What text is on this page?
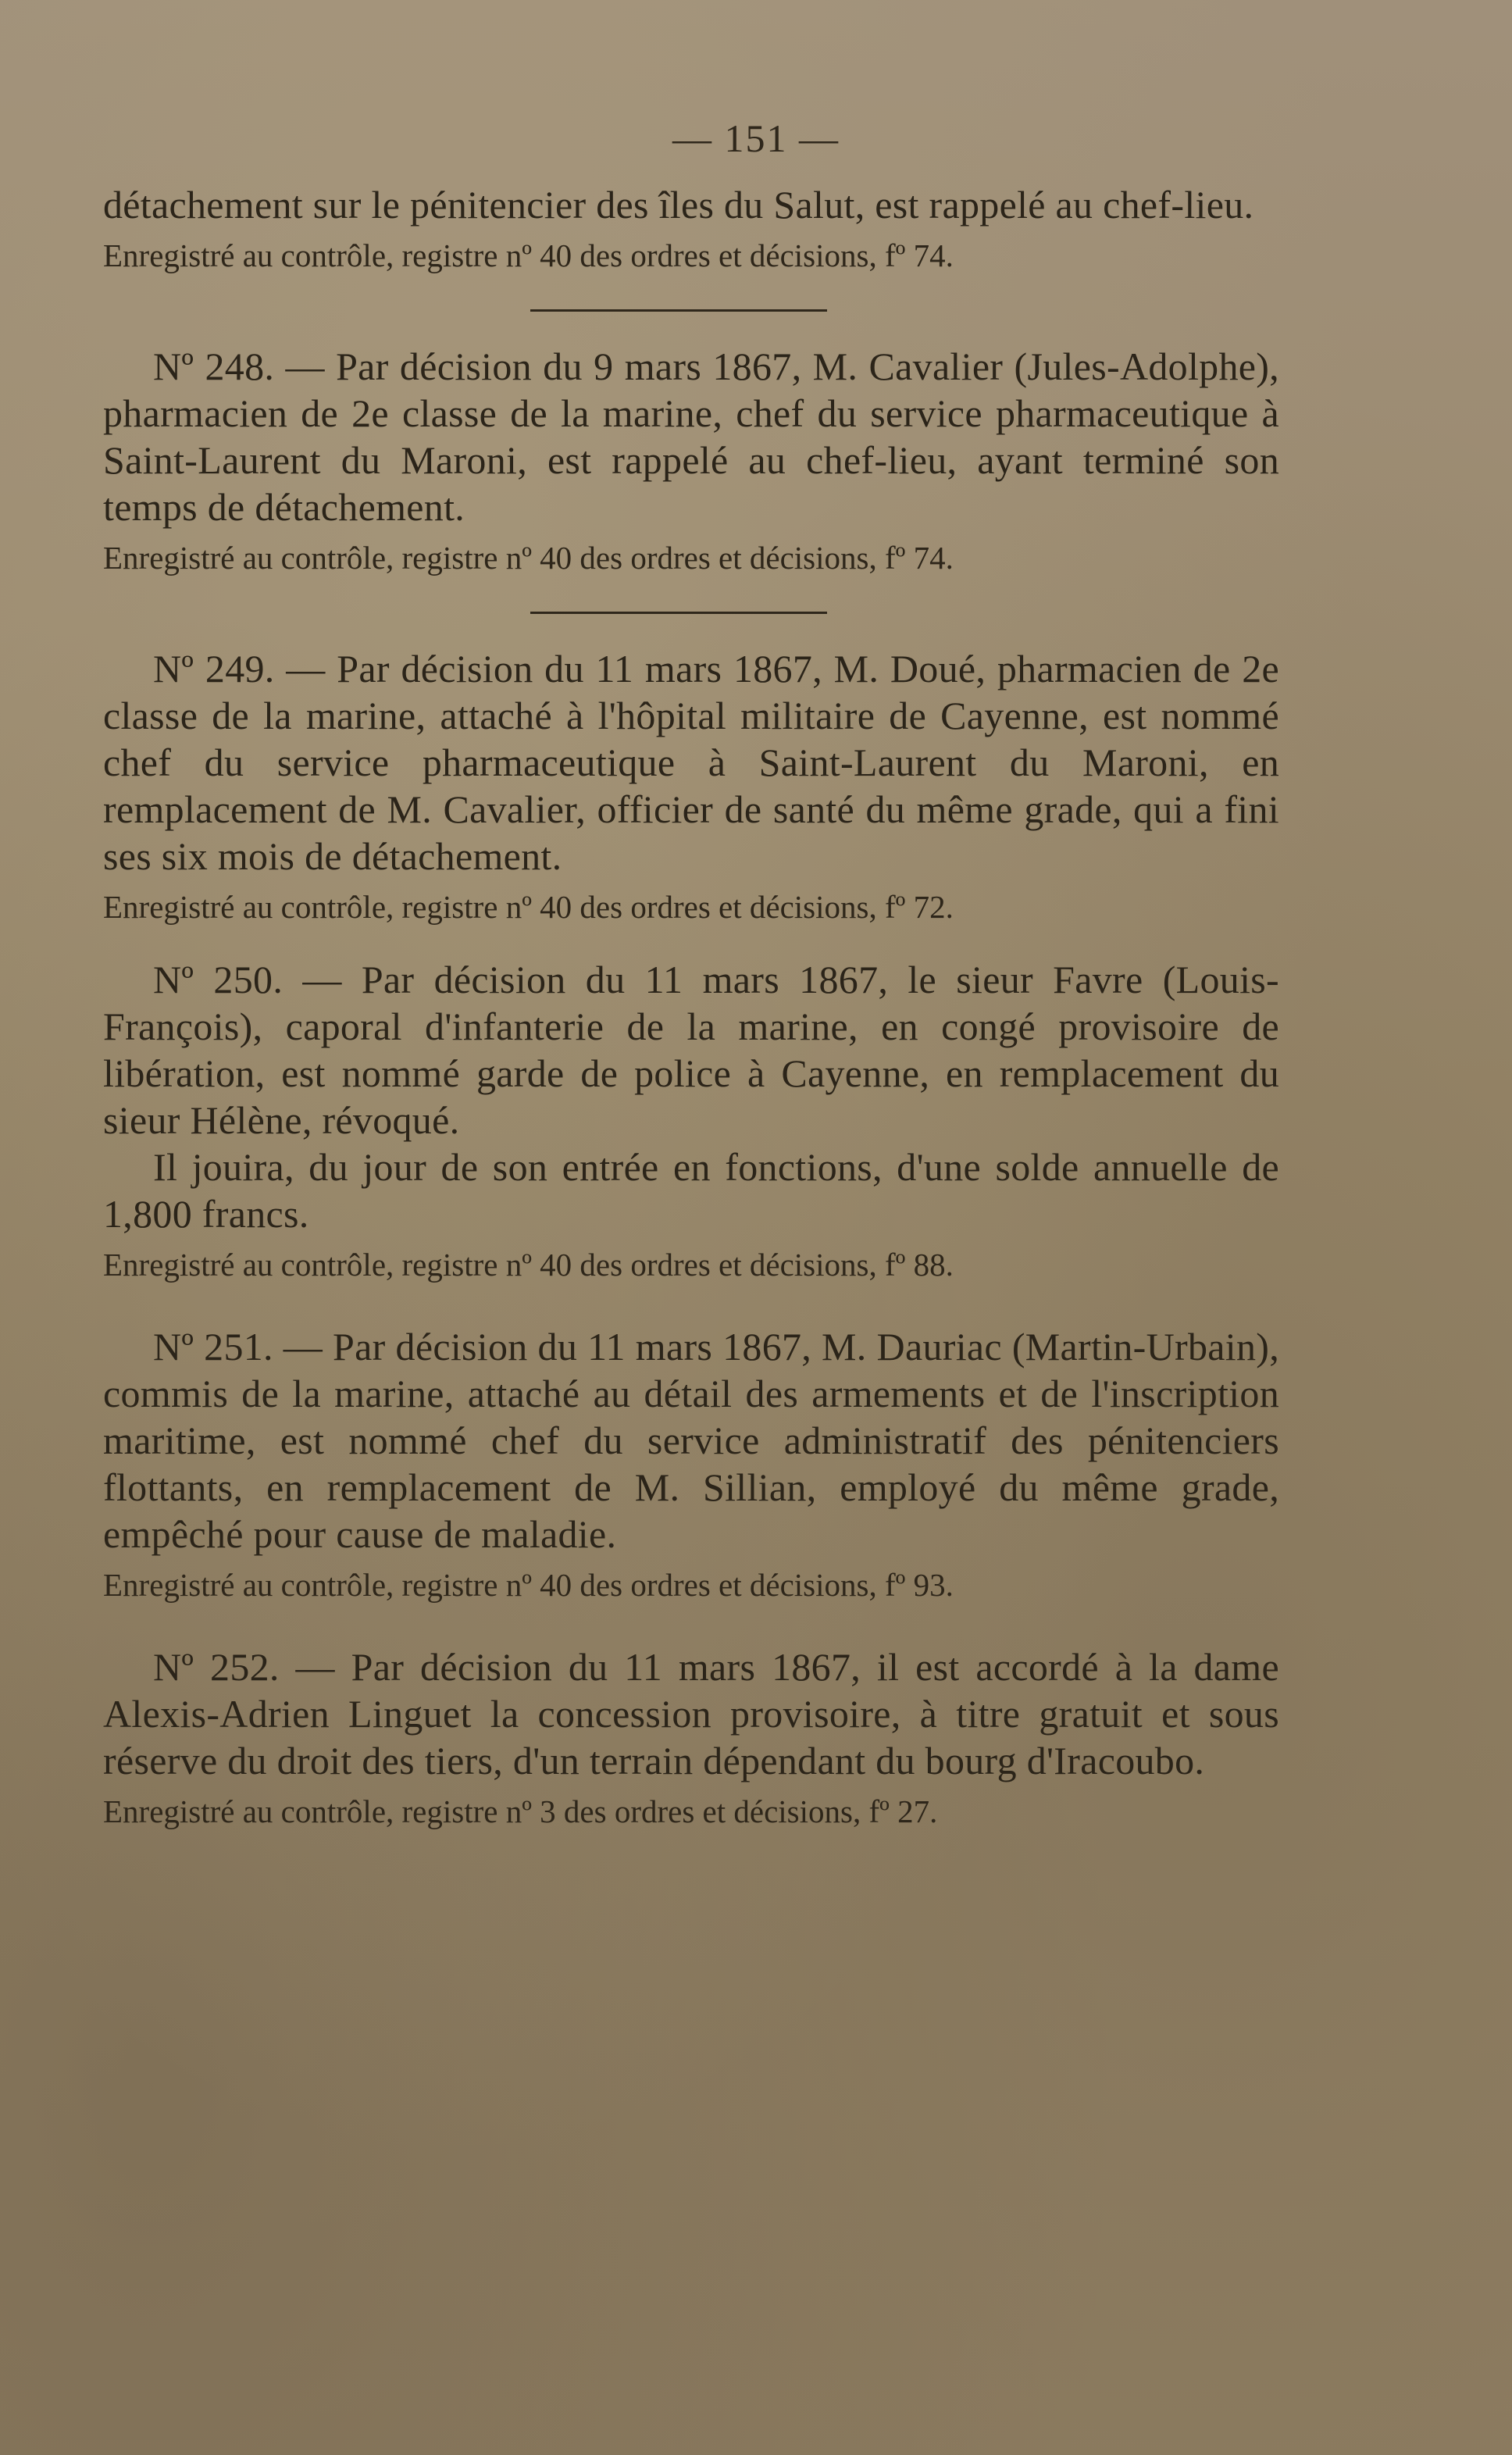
— 151 —

détachement sur le pénitencier des îles du Salut, est rappelé au chef-lieu.

Enregistré au contrôle, registre nº 40 des ordres et décisions, fº 74.

Nº 248. — Par décision du 9 mars 1867, M. Cavalier (Jules-Adolphe), pharmacien de 2e classe de la marine, chef du service pharmaceutique à Saint-Laurent du Maroni, est rappelé au chef-lieu, ayant terminé son temps de détachement.

Enregistré au contrôle, registre nº 40 des ordres et décisions, fº 74.

Nº 249. — Par décision du 11 mars 1867, M. Doué, pharmacien de 2e classe de la marine, attaché à l'hôpital militaire de Cayenne, est nommé chef du service pharmaceutique à Saint-Laurent du Maroni, en remplacement de M. Cavalier, officier de santé du même grade, qui a fini ses six mois de détachement.

Enregistré au contrôle, registre nº 40 des ordres et décisions, fº 72.

Nº 250. — Par décision du 11 mars 1867, le sieur Favre (Louis-François), caporal d'infanterie de la marine, en congé provisoire de libération, est nommé garde de police à Cayenne, en remplacement du sieur Hélène, révoqué.

Il jouira, du jour de son entrée en fonctions, d'une solde annuelle de 1,800 francs.

Enregistré au contrôle, registre nº 40 des ordres et décisions, fº 88.

Nº 251. — Par décision du 11 mars 1867, M. Dauriac (Martin-Urbain), commis de la marine, attaché au détail des armements et de l'inscription maritime, est nommé chef du service administratif des pénitenciers flottants, en remplacement de M. Sillian, employé du même grade, empêché pour cause de maladie.

Enregistré au contrôle, registre nº 40 des ordres et décisions, fº 93.

Nº 252. — Par décision du 11 mars 1867, il est accordé à la dame Alexis-Adrien Linguet la concession provisoire, à titre gratuit et sous réserve du droit des tiers, d'un terrain dépendant du bourg d'Iracoubo.

Enregistré au contrôle, registre nº 3 des ordres et décisions, fº 27.
